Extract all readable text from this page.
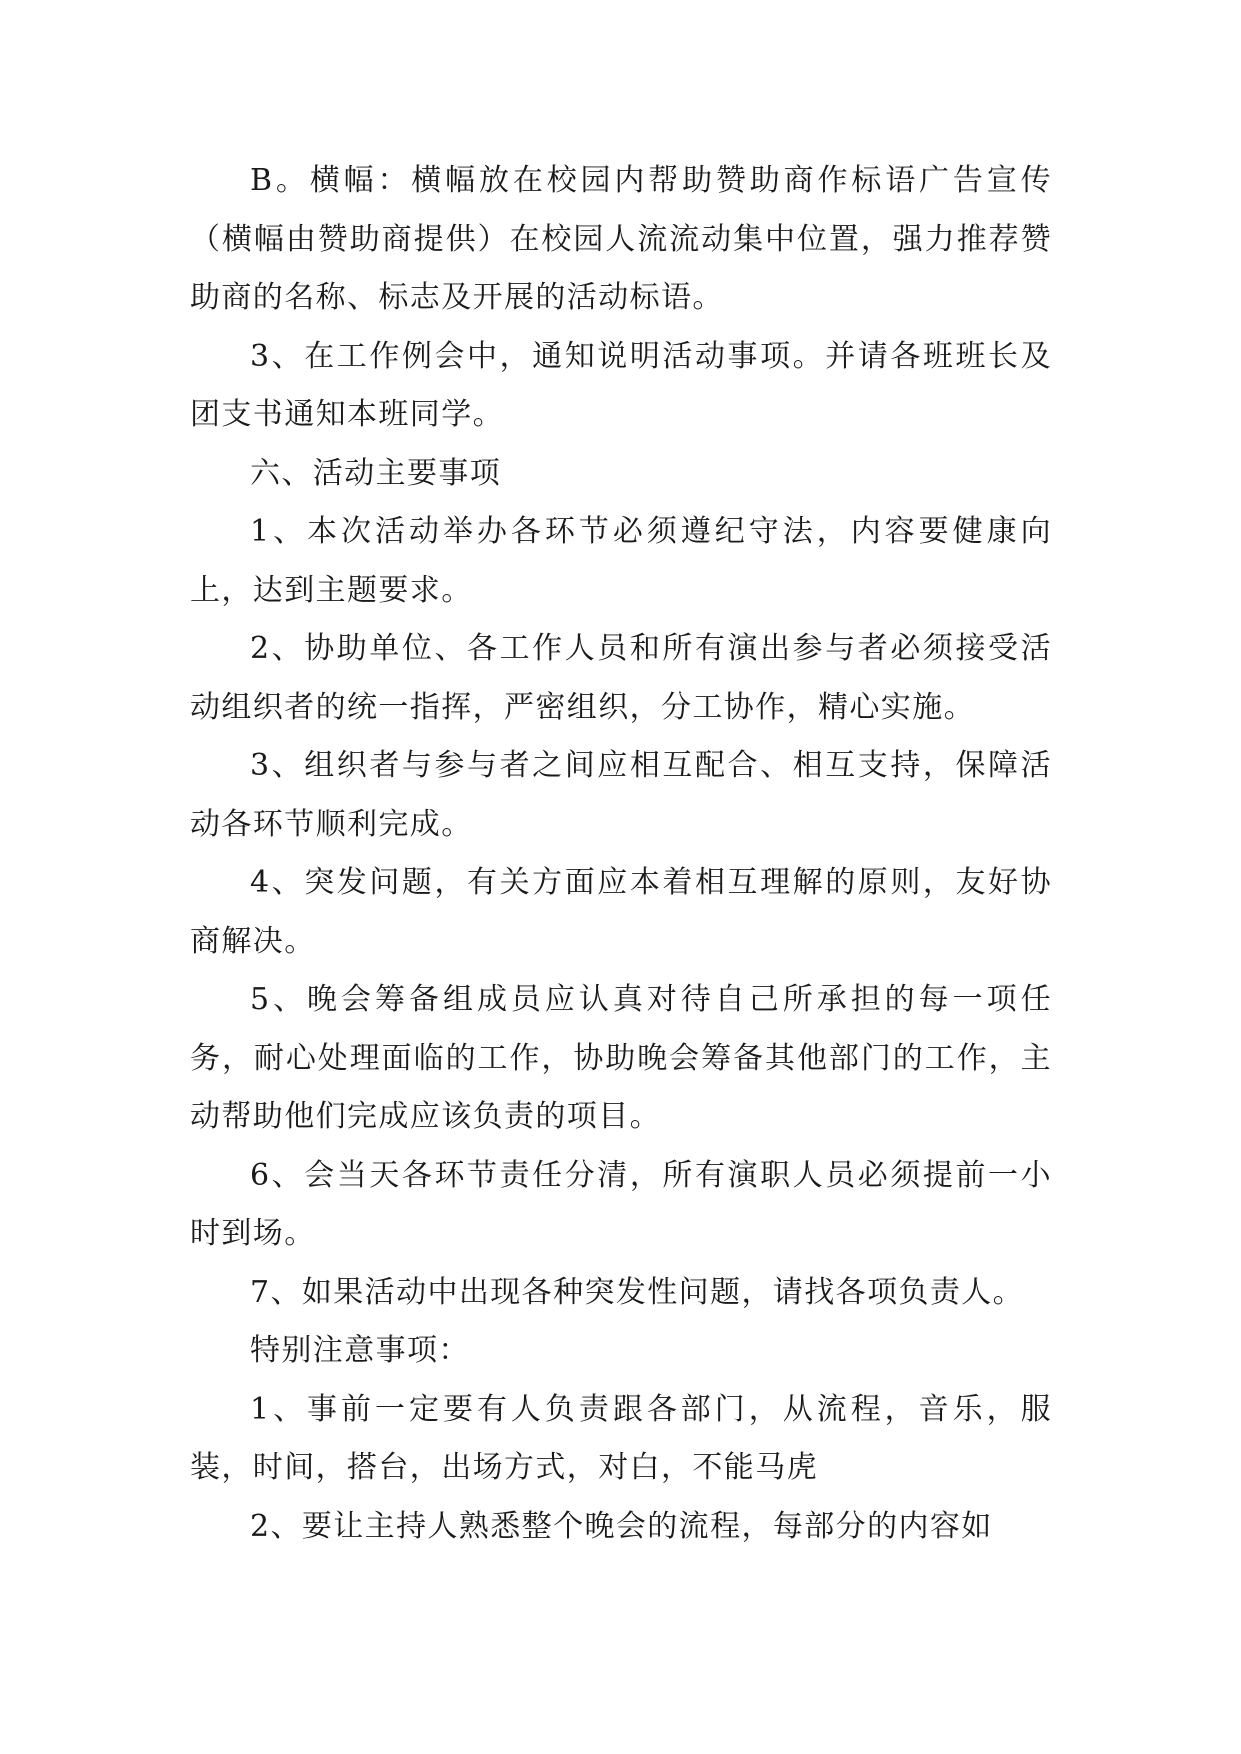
B。横幅：横幅放在校园内帮助赞助商作标语广告宣传（横幅由赞助商提供）在校园人流流动集中位置，强力推荐赞助商的名称、标志及开展的活动标语。

3、在工作例会中，通知说明活动事项。并请各班班长及团支书通知本班同学。

六、活动主要事项

1、本次活动举办各环节必须遵纪守法，内容要健康向上，达到主题要求。

2、协助单位、各工作人员和所有演出参与者必须接受活动组织者的统一指挥，严密组织，分工协作，精心实施。

3、组织者与参与者之间应相互配合、相互支持，保障活动各环节顺利完成。

4、突发问题，有关方面应本着相互理解的原则，友好协商解决。

5、晚会筹备组成员应认真对待自己所承担的每一项任务，耐心处理面临的工作，协助晚会筹备其他部门的工作，主动帮助他们完成应该负责的项目。

6、会当天各环节责任分清，所有演职人员必须提前一小时到场。

7、如果活动中出现各种突发性问题，请找各项负责人。

特别注意事项：

1、事前一定要有人负责跟各部门，从流程，音乐，服装，时间，搭台，出场方式，对白，不能马虎

2、要让主持人熟悉整个晚会的流程，每部分的内容如
